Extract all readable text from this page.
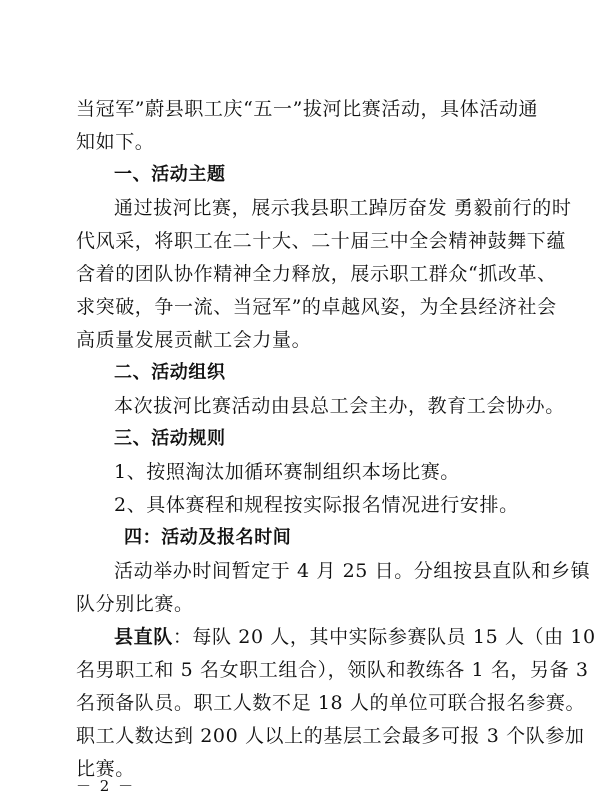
当冠军”蔚县职工庆“五一”拔河比赛活动，具体活动通
知如下。
一、活动主题
通过拔河比赛，展示我县职工踔厉奋发 勇毅前行的时
代风采，将职工在二十大、二十届三中全会精神鼓舞下蕴
含着的团队协作精神全力释放，展示职工群众“抓改革、
求突破，争一流、当冠军”的卓越风姿，为全县经济社会
高质量发展贡献工会力量。
二、活动组织
本次拔河比赛活动由县总工会主办，教育工会协办。
三、活动规则
1、按照淘汰加循环赛制组织本场比赛。
2、具体赛程和规程按实际报名情况进行安排。
四：活动及报名时间
活动举办时间暂定于 4 月 25 日。分组按县直队和乡镇
队分别比赛。
县直队：每队 20 人，其中实际参赛队员 15 人（由 10
名男职工和 5 名女职工组合），领队和教练各 1 名，另备 3
名预备队员。职工人数不足 18 人的单位可联合报名参赛。
职工人数达到 200 人以上的基层工会最多可报 3 个队参加
比赛。
－ 2 －
